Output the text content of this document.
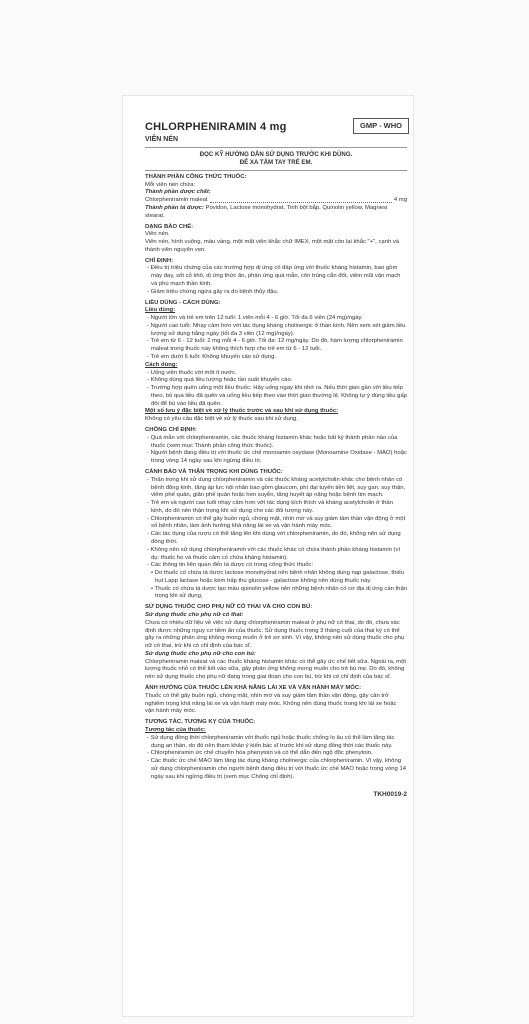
CHLORPHENIRAMIN 4 mg	GMP - WHO
VIÊN NÉN

ĐỌC KỸ HƯỚNG DẪN SỬ DỤNG TRƯỚC KHI DÙNG.

ĐỂ XA TẦM TAY TRẺ EM.

THÀNH PHẦN CÔNG THỨC THUỐC:

Mỗi viên nén chứa:

Thành phần dược chất:

Chlorpheniramin maleat	4 mg

Thành phần tá dược: Povidon, Lactose monohydrat, Tinh bột bắp, Quinolin yellow, Magnesi stearat.

DẠNG BÀO CHẾ:

Viên nén.

Viên nén, hình vuông, màu vàng, một mặt viên khắc chữ IMEX, một mặt còn lại khắc "+", cạnh và thành viên nguyên vẹn.

CHỈ ĐỊNH:

- Điều trị triệu chứng của các trường hợp dị ứng có đáp ứng với thuốc kháng histamin, bao gồm mày đay, sốt cỏ khô, dị ứng thức ăn, phản ứng quá mẫn, côn trùng cắn đốt, viêm mũi vận mạch và phù mạch thần kinh.

- Giảm triệu chứng ngứa gây ra do bệnh thủy đậu.

LIỀU DÙNG - CÁCH DÙNG:

Liều dùng:

- Người lớn và trẻ em trên 12 tuổi: 1 viên mỗi 4 - 6 giờ. Tối đa 6 viên (24 mg)/ngày.

- Người cao tuổi: Nhạy cảm hơn với tác dụng kháng cholinergic ở thần kinh. Nên xem xét giảm liều lượng sử dụng hằng ngày (tối đa 3 viên (12 mg)/ngày).

- Trẻ em từ 6 - 12 tuổi: 2 mg mỗi 4 - 6 giờ. Tối đa: 12 mg/ngày. Do đó, hàm lượng chlorpheniramin maleat trong thuốc này không thích hợp cho trẻ em từ 6 - 12 tuổi.

- Trẻ em dưới 6 tuổi: Không khuyến cáo sử dụng.

Cách dùng:

- Uống viên thuốc với một ít nước.

- Không dùng quá liều lượng hoặc tần suất khuyến cáo.

- Trường hợp quên uống một liều thuốc: Hãy uống ngay khi nhớ ra. Nếu thời gian gần với liều tiếp theo, bỏ qua liều đã quên và uống liều tiếp theo vào thời gian thường lệ. Không tự ý dùng liều gấp đôi để bù vào liều đã quên.

Một số lưu ý đặc biệt về xử lý thuốc trước và sau khi sử dụng thuốc:

Không có yêu cầu đặc biệt về xử lý thuốc sau khi sử dụng.

CHỐNG CHỈ ĐỊNH:

- Quá mẫn với chlorpheniramin, các thuốc kháng histamin khác hoặc bất kỳ thành phần nào của thuốc (xem mục Thành phần công thức thuốc).

- Người bệnh đang điều trị với thuốc ức chế monoamin oxydase (Monoamine Oxidase - MAO) hoặc trong vòng 14 ngày sau khi ngừng điều trị.

CẢNH BÁO VÀ THẬN TRỌNG KHI DÙNG THUỐC:

- Thận trọng khi sử dụng chlorpheniramin và các thuốc kháng acetylcholin khác cho bệnh nhân có bệnh động kinh, tăng áp lực nội nhãn bao gồm glaucom, phì đại tuyến tiền liệt, suy gan, suy thận, viêm phế quản, giãn phế quản hoặc hen suyễn, tăng huyết áp nặng hoặc bệnh tim mạch.

- Trẻ em và người cao tuổi nhạy cảm hơn với tác dụng kích thích và kháng acetylcholin ở thần kinh, do đó nên thận trọng khi sử dụng cho các đối tượng này.

- Chlorpheniramin có thể gây buồn ngủ, chóng mặt, nhìn mờ và suy giảm tâm thần vận động ở một số bệnh nhân, làm ảnh hưởng khả năng lái xe và vận hành máy móc.

- Các tác dụng của rượu có thể tăng lên khi dùng với chlorpheniramin, do đó, không nên sử dụng đồng thời.

- Không nên sử dụng chlorpheniramin với các thuốc khác có chứa thành phần kháng histamin (ví dụ: thuốc ho và thuốc cảm có chứa kháng histamin).

- Các thông tin liên quan đến tá dược có trong công thức thuốc:

• Do thuốc có chứa tá dược lactose monohydrat nên bệnh nhân không dung nạp galactose, thiếu hụt Lapp lactase hoặc kém hấp thu glucose - galactose không nên dùng thuốc này.

• Thuốc có chứa tá dược tạo màu quinolin yellow nên những bệnh nhân có cơ địa dị ứng cần thận trọng khi sử dụng.

SỬ DỤNG THUỐC CHO PHỤ NỮ CÓ THAI VÀ CHO CON BÚ:

Sử dụng thuốc cho phụ nữ có thai:

Chưa có nhiều dữ liệu về việc sử dụng chlorpheniramin maleat ở phụ nữ có thai, do đó, chưa xác định được những nguy cơ tiềm ẩn của thuốc. Sử dụng thuốc trong 3 tháng cuối của thai kỳ có thể gây ra những phản ứng không mong muốn ở trẻ sơ sinh. Vì vậy, không nên sử dụng thuốc cho phụ nữ có thai, trừ khi có chỉ định của bác sĩ.

Sử dụng thuốc cho phụ nữ cho con bú:

Chlorpheniramin maleat và các thuốc kháng histamin khác có thể gây ức chế tiết sữa. Ngoài ra, một lượng thuốc nhỏ có thể tiết vào sữa, gây phản ứng không mong muốn cho trẻ bú mẹ. Do đó, không nên sử dụng thuốc cho phụ nữ đang trong giai đoạn cho con bú, trừ khi có chỉ định của bác sĩ.

ẢNH HƯỞNG CỦA THUỐC LÊN KHẢ NĂNG LÁI XE VÀ VẬN HÀNH MÁY MÓC:

Thuốc có thể gây buồn ngủ, chóng mặt, nhìn mờ và suy giảm tâm thần vận động, gây cản trở nghiêm trọng khả năng lái xe và vận hành máy móc. Không nên dùng thuốc trong khi lái xe hoặc vận hành máy móc.

TƯƠNG TÁC, TƯƠNG KỴ CỦA THUỐC:

Tương tác của thuốc:

- Sử dụng đồng thời chlorpheniramin với thuốc ngủ hoặc thuốc chống lo âu có thể làm tăng tác dụng an thần, do đó nên tham khảo ý kiến bác sĩ trước khi sử dụng đồng thời các thuốc này.

- Chlorpheniramin ức chế chuyển hóa phenytoin và có thể dẫn đến ngộ độc phenytoin.

- Các thuốc ức chế MAO làm tăng tác dụng kháng cholinergic của chlorpheniramin. Vì vậy, không sử dụng chlorpheniramin cho người bệnh đang điều trị với thuốc ức chế MAO hoặc trong vòng 14 ngày sau khi ngừng điều trị (xem mục Chống chỉ định).

TKH0019-2
